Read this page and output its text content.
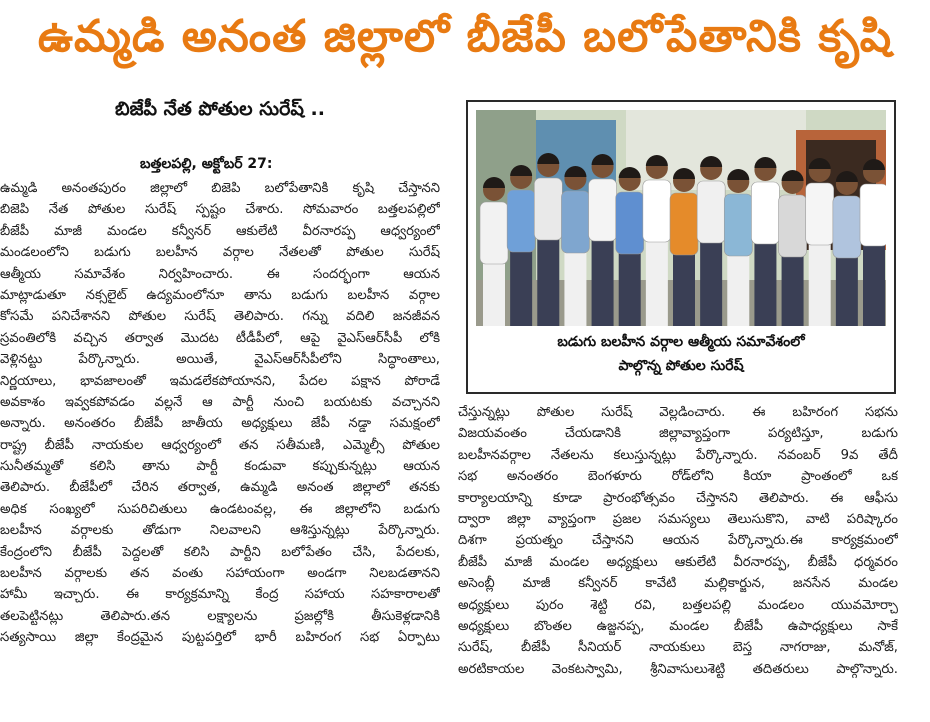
ఉమ్మడి అనంత జిల్లాలో బీజేపీ బలోపేతానికి కృషి
బిజేపీ నేత పోతుల సురేష్ ..
బత్తలపల్లి, అక్టోబర్ 27:
ఉమ్మడి అనంతపురం జిల్లాలో బిజెపి బలోపేతానికి కృషి చేస్తానని
బిజెపి నేత పోతుల సురేష్ స్పష్టం చేశారు. సోమవారం బత్తలపల్లిలో
బీజేపీ మాజీ మండల కన్వీనర్ ఆకులేటి వీరనారప్ప ఆధ్వర్యంలో
మండలంలోని బడుగు బలహీన వర్గాల నేతలతో పోతుల సురేష్
ఆత్మీయ సమావేశం నిర్వహించారు. ఈ సందర్భంగా ఆయన
మాట్లాడుతూ నక్సలైట్ ఉద్యమంలోనూ తాను బడుగు బలహీన వర్గాల
కోసమే పనిచేశానని పోతుల సురేష్ తెలిపారు. గన్ను వదిలి జనజీవన
స్రవంతిలోకి వచ్చిన తర్వాత మొదట టీడీపీలో, ఆపై వైఎస్ఆర్‌సీపీ లోకి
వెళ్లినట్టు పేర్కొన్నారు. అయితే, వైఎస్ఆర్‌సీపీలోని సిద్ధాంతాలు,
నిర్ణయాలు, భావజాలంతో ఇమడలేకపోయానని, పేదల పక్షాన పోరాడే
అవకాశం ఇవ్వకపోవడం వల్లనే ఆ పార్టీ నుంచి బయటకు వచ్చానని
అన్నారు. అనంతరం బీజేపీ జాతీయ అధ్యక్షులు జేపీ నడ్డా సమక్షంలో
రాష్ట్ర బీజేపీ నాయకుల ఆధ్వర్యంలో తన సతీమణి, ఎమ్మెల్సీ పోతుల
సునీతమ్మతో కలిసి తాను పార్టీ కండువా కప్పుకున్నట్లు ఆయన
తెలిపారు. బీజేపీలో చేరిన తర్వాత, ఉమ్మడి అనంత జిల్లాలో తనకు
అధిక సంఖ్యలో సుపరిచితులు ఉండటంవల్ల, ఈ జిల్లాలోని బడుగు
బలహీన వర్గాలకు తోడుగా నిలవాలని ఆశిస్తున్నట్లు పేర్కొన్నారు.
కేంద్రంలోని బీజేపీ పెద్దలతో కలిసి పార్టీని బలోపేతం చేసి, పేదలకు,
బలహీన వర్గాలకు తన వంతు సహాయంగా అండగా నిలబడతానని
హామీ ఇచ్చారు. ఈ కార్యక్రమాన్ని కేంద్ర సహాయ సహకారాలతో
తలపెట్టినట్లు తెలిపారు.తన లక్ష్యాలను ప్రజల్లోకి తీసుకెళ్లడానికి
సత్యసాయి జిల్లా కేంద్రమైన పుట్టపర్తిలో భారీ బహిరంగ సభ ఏర్పాటు
బడుగు బలహీన వర్గాల ఆత్మీయ సమావేశంలో
పాల్గొన్న పోతుల సురేష్
చేస్తున్నట్లు పోతుల సురేష్ వెల్లడించారు. ఈ బహిరంగ సభను
విజయవంతం చేయడానికి జిల్లావ్యాప్తంగా పర్యటిస్తూ, బడుగు
బలహీనవర్గాల నేతలను కలుస్తున్నట్లు పేర్కొన్నారు. నవంబర్ 9వ తేదీ
సభ అనంతరం బెంగళూరు రోడ్‌లోని కియా ప్రాంతంలో ఒక
కార్యాలయాన్ని కూడా ప్రారంభోత్సవం చేస్తానని తెలిపారు. ఈ ఆఫీసు
ద్వారా జిల్లా వ్యాప్తంగా ప్రజల సమస్యలు తెలుసుకొని, వాటి పరిష్కారం
దిశగా ప్రయత్నం చేస్తానని ఆయన పేర్కొన్నారు.ఈ కార్యక్రమంలో
బీజేపీ మాజీ మండల అధ్యక్షులు ఆకులేటి వీరనారప్ప, బీజేపీ ధర్మవరం
అసెంబ్లీ మాజీ కన్వీనర్ కావేటి మల్లికార్జున, జనసేన మండల
అధ్యక్షులు పురం శెట్టి రవి, బత్తలపల్లి మండలం యువమోర్చా
అధ్యక్షులు బొంతల ఉజ్జనప్ప, మండల బీజేపీ ఉపాధ్యక్షులు సాకే
సురేష్, బీజేపీ సీనియర్ నాయకులు బెస్త నాగరాజు, మనోజ్,
అరటికాయల వెంకటస్వామి, శ్రీనివాసులుశెట్టి తదితరులు పాల్గొన్నారు.
